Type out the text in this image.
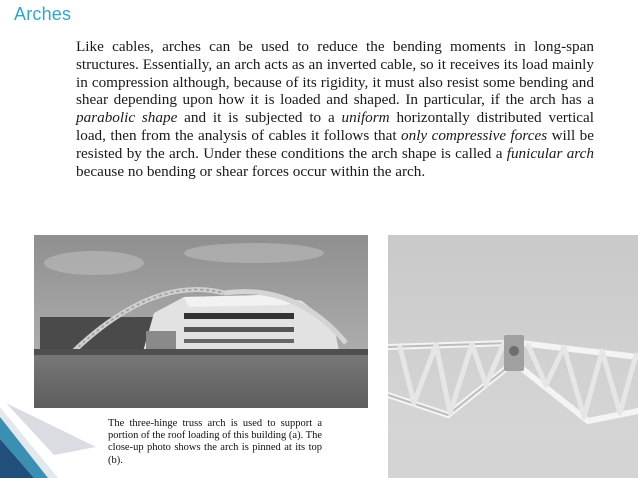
Arches

Like cables, arches can be used to reduce the bending moments in long-span structures. Essentially, an arch acts as an inverted cable, so it receives its load mainly in compression although, because of its rigidity, it must also resist some bending and shear depending upon how it is loaded and shaped. In particular, if the arch has a parabolic shape and it is subjected to a uniform horizontally distributed vertical load, then from the analysis of cables it follows that only compressive forces will be resisted by the arch. Under these conditions the arch shape is called a funicular arch because no bending or shear forces occur within the arch.

The three-hinge truss arch is used to support a portion of the roof loading of this building (a). The close-up photo shows the arch is pinned at its top (b).
